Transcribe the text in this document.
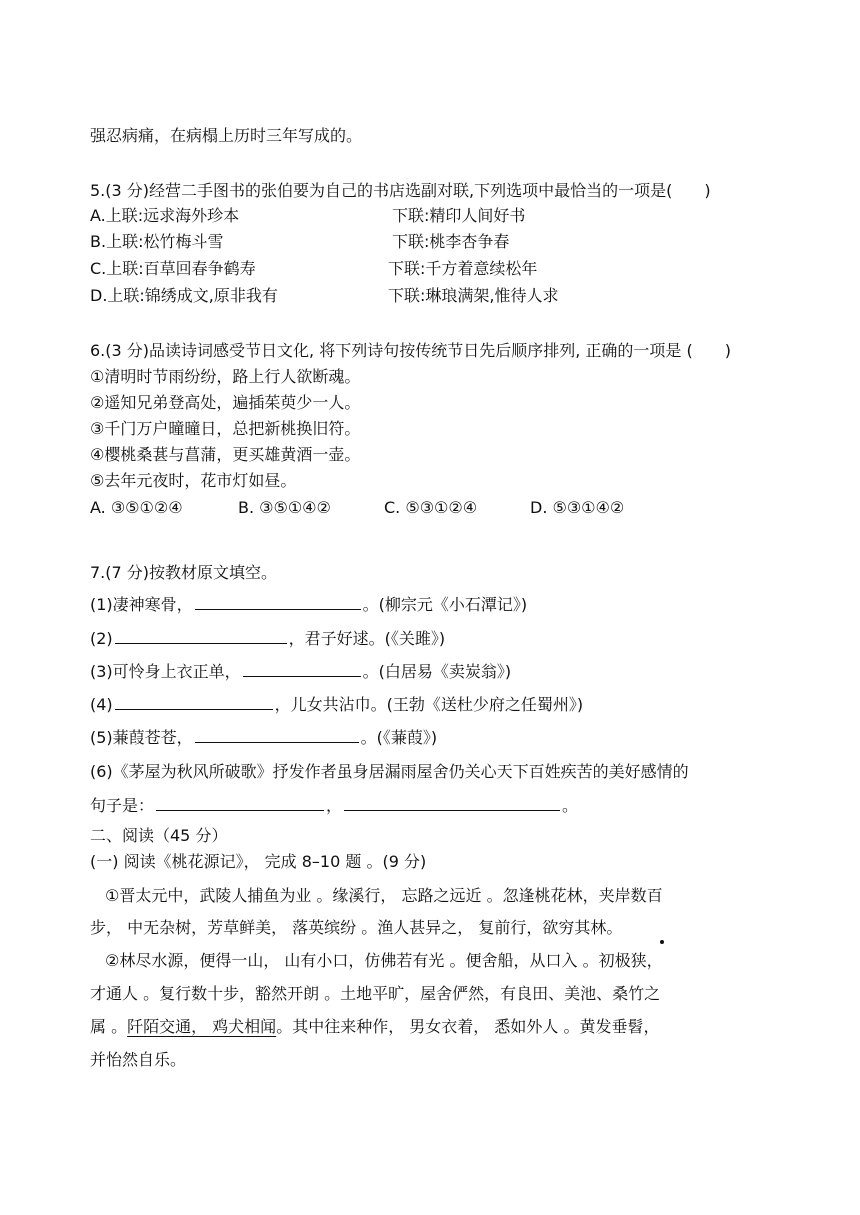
强忍病痛，在病榻上历时三年写成的。
5.(3 分)经营二手图书的张伯要为自己的书店选副对联,下列选项中最恰当的一项是(　　)
A.上联:远求海外珍本	下联:精印人间好书
B.上联:松竹梅斗雪	下联:桃李杏争春
C.上联:百草回春争鹤寿	下联:千方着意续松年
D.上联:锦绣成文,原非我有	下联:琳琅满架,惟待人求
6.(3 分)品读诗词感受节日文化, 将下列诗句按传统节日先后顺序排列, 正确的一项是 (　　)
①清明时节雨纷纷，路上行人欲断魂。
②遥知兄弟登高处，遍插茱萸少一人。
③千门万户曈曈日，总把新桃换旧符。
④樱桃桑葚与菖蒲，更买雄黄酒一壶。
⑤去年元夜时，花市灯如昼。
A. ③⑤①②④	B. ③⑤①④②	C. ⑤③①②④	D. ⑤③①④②
7.(7 分)按教材原文填空。
(1)凄神寒骨，	。(柳宗元《小石潭记》)
(2)	，君子好逑。(《关雎》)
(3)可怜身上衣正单，	。(白居易《卖炭翁》)
(4)	，儿女共沾巾。(王勃《送杜少府之任蜀州》)
(5)蒹葭苍苍，	。(《蒹葭》)
(6)《茅屋为秋风所破歌》抒发作者虽身居漏雨屋舍仍关心天下百姓疾苦的美好感情的
句子是：	，	。
二、阅读（45 分）
(一) 阅读《桃花源记》， 完成 8–10 题 。(9 分)
①晋太元中，武陵人捕鱼为业 。缘溪行， 忘路之远近 。忽逢桃花林，夹岸数百
步， 中无杂树，芳草鲜美， 落英缤纷 。渔人甚异之， 复前行，欲穷其林。
②林尽水源，便得一山， 山有小口，仿佛若有光 。便舍船，从口入 。初极狭，
才通人 。复行数十步，豁然开朗 。土地平旷，屋舍俨然，有良田、美池、桑竹之
属 。阡陌交通， 鸡犬相闻。其中往来种作， 男女衣着， 悉如外人 。黄发垂髫，
并怡然自乐。
